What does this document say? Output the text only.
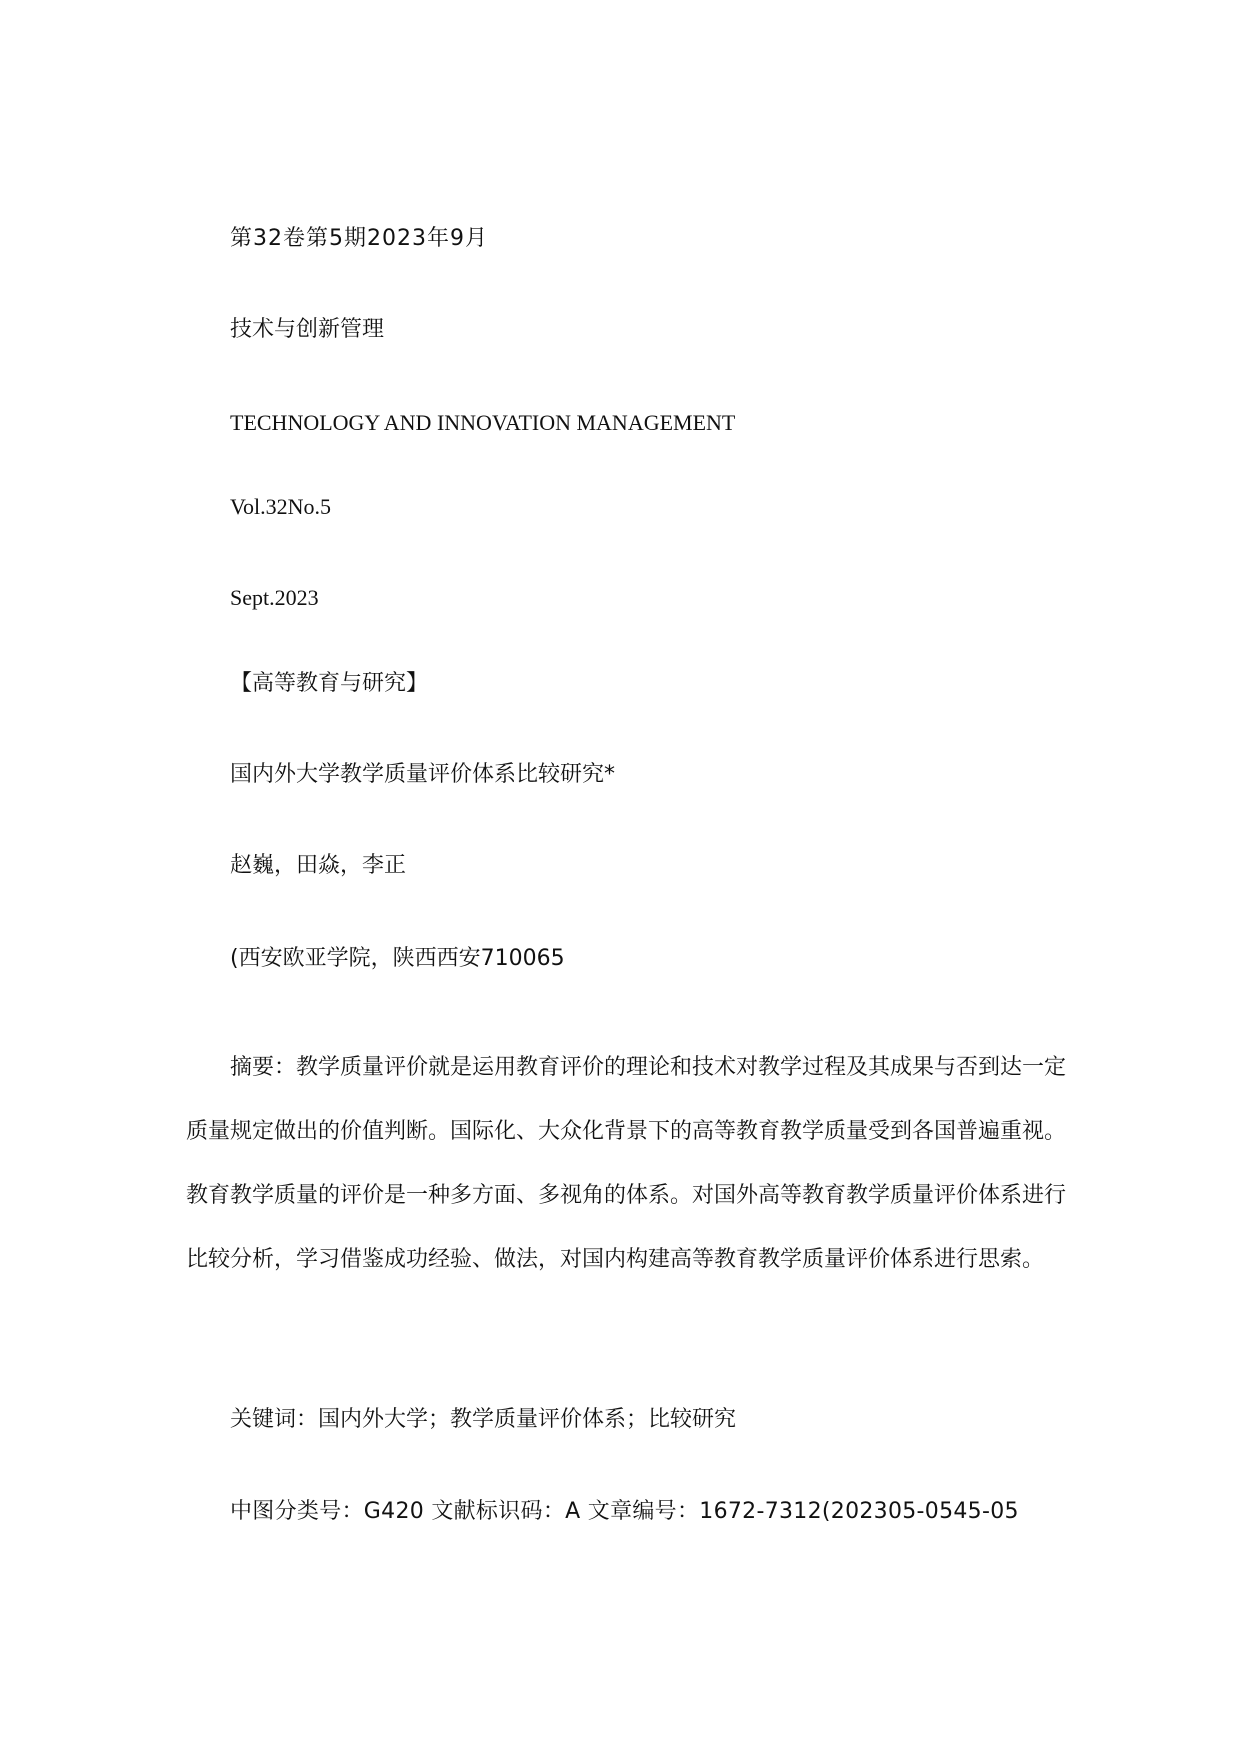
第32卷第5期2023年9月
技术与创新管理
TECHNOLOGY AND INNOVATION MANAGEMENT
Vol.32No.5
Sept.2023
【高等教育与研究】
国内外大学教学质量评价体系比较研究*
赵巍，田焱，李正
(西安欧亚学院，陕西西安710065

摘要：教学质量评价就是运用教育评价的理论和技术对教学过程及其成果与否到达一定质量规定做出的价值判断。国际化、大众化背景下的高等教育教学质量受到各国普遍重视。教育教学质量的评价是一种多方面、多视角的体系。对国外高等教育教学质量评价体系进行比较分析，学习借鉴成功经验、做法，对国内构建高等教育教学质量评价体系进行思索。

关键词：国内外大学；教学质量评价体系；比较研究
中图分类号：G420 文献标识码：A 文章编号：1672-7312(202305-0545-05
